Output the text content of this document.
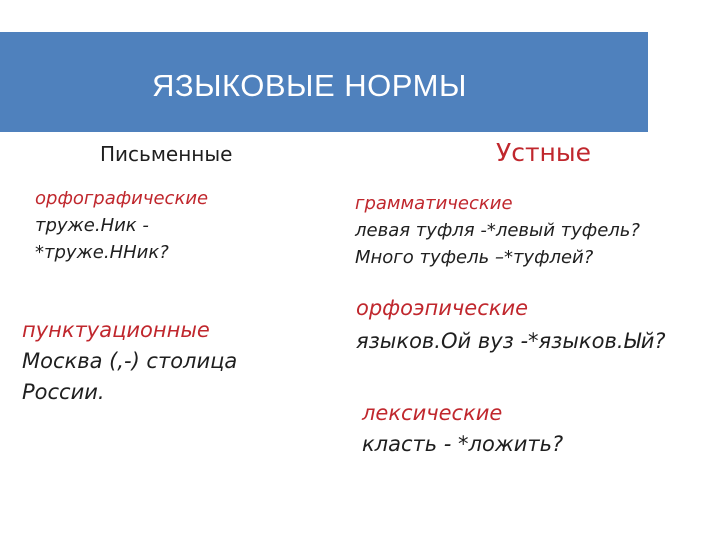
ЯЗЫКОВЫЕ НОРМЫ
Письменные	Устные
орфографические
труже.Ник -
*труже.ННик?
пунктуационные
Москва (,-) столица
России.
грамматические
левая туфля -*левый туфель?
Много туфель –*туфлей?
орфоэпические
языков.Ой вуз -*языков.Ый?
лексические
класть - *ложить?
